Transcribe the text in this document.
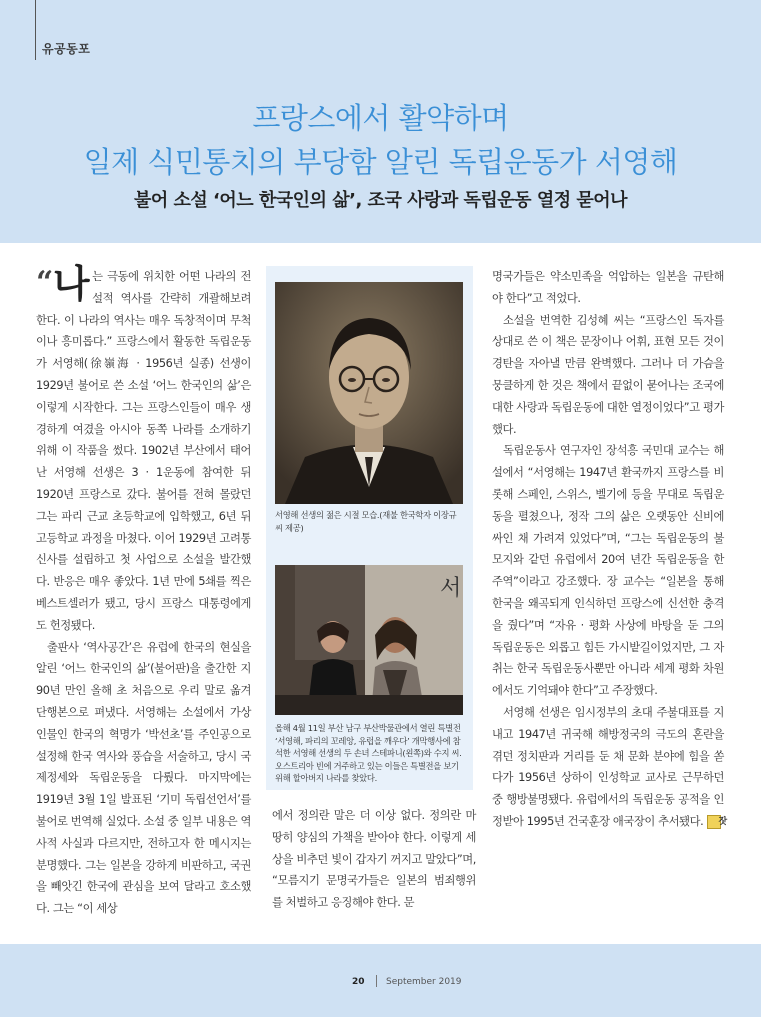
유공동포
프랑스에서 활약하며
일제 식민통치의 부당함 알린 독립운동가 서영해
불어 소설 ‘어느 한국인의 삶’, 조국 사랑과 독립운동 열정 묻어나

“ 나 는 극동에 위치한 어떤 나라의 전설적 역사를 간략히 개괄해보려 한다. 이 나라의 역사는 매우 독창적이며 무척이나 흥미롭다.” 프랑스에서 활동한 독립운동가 서영해(徐嶺海 · 1956년 실종) 선생이 1929년 불어로 쓴 소설 ‘어느 한국인의 삶’은 이렇게 시작한다. 그는 프랑스인들이 매우 생경하게 여겼을 아시아 동쪽 나라를 소개하기 위해 이 작품을 썼다. 1902년 부산에서 태어난 서영해 선생은 3 · 1운동에 참여한 뒤 1920년 프랑스로 갔다. 불어를 전혀 몰랐던 그는 파리 근교 초등학교에 입학했고, 6년 뒤 고등학교 과정을 마쳤다. 이어 1929년 고려통신사를 설립하고 첫 사업으로 소설을 발간했다. 반응은 매우 좋았다. 1년 만에 5쇄를 찍은 베스트셀러가 됐고, 당시 프랑스 대통령에게도 헌정됐다.

출판사 ‘역사공간’은 유럽에 한국의 현실을 알린 ‘어느 한국인의 삶’(불어판)을 출간한 지 90년 만인 올해 초 처음으로 우리 말로 옮겨 단행본으로 펴냈다. 서영해는 소설에서 가상 인물인 한국의 혁명가 ‘박선초’를 주인공으로 설정해 한국 역사와 풍습을 서술하고, 당시 국제정세와 독립운동을 다뤘다. 마지막에는 1919년 3월 1일 발표된 ‘기미 독립선언서’를 불어로 번역해 실었다. 소설 중 일부 내용은 역사적 사실과 다르지만, 전하고자 한 메시지는 분명했다. 그는 일본을 강하게 비판하고, 국권을 빼앗긴 한국에 관심을 보여 달라고 호소했다. 그는 “이 세상

서영해 선생의 젊은 시절 모습.(재불 한국학자 이장규 씨 제공)
서
올해 4월 11일 부산 남구 부산박물관에서 열린 특별전 ‘서영해, 파리의 꼬레앙, 유럽을 깨우다’ 개막행사에 참석한 서영해 선생의 두 손녀 스테파니(왼쪽)와 수지 씨. 오스트리아 빈에 거주하고 있는 이들은 특별전을 보기 위해 할아버지 나라를 찾았다.

에서 정의란 말은 더 이상 없다. 정의란 마땅히 양심의 가책을 받아야 한다. 이렇게 세상을 비추던 빛이 갑자기 꺼지고 말았다”며, “모름지기 문명국가들은 일본의 범죄행위를 처벌하고 응징해야 한다. 문

명국가들은 약소민족을 억압하는 일본을 규탄해야 한다”고 적었다.

소설을 번역한 김성혜 씨는 “프랑스인 독자를 상대로 쓴 이 책은 문장이나 어휘, 표현 모든 것이 경탄을 자아낼 만큼 완벽했다. 그러나 더 가슴을 뭉클하게 한 것은 책에서 끝없이 묻어나는 조국에 대한 사랑과 독립운동에 대한 열정이었다”고 평가했다.

독립운동사 연구자인 장석흥 국민대 교수는 해설에서 “서영해는 1947년 환국까지 프랑스를 비롯해 스페인, 스위스, 벨기에 등을 무대로 독립운동을 펼쳤으나, 정작 그의 삶은 오랫동안 신비에 싸인 채 가려져 있었다”며, “그는 독립운동의 불모지와 같던 유럽에서 20여 년간 독립운동을 한 주역”이라고 강조했다. 장 교수는 “일본을 통해 한국을 왜곡되게 인식하던 프랑스에 신선한 충격을 줬다”며 “자유 · 평화 사상에 바탕을 둔 그의 독립운동은 외롭고 힘든 가시밭길이었지만, 그 자취는 한국 독립운동사뿐만 아니라 세계 평화 차원에서도 기억돼야 한다”고 주장했다.

서영해 선생은 임시정부의 초대 주불대표를 지내고 1947년 귀국해 해방정국의 극도의 혼란을 겪던 정치판과 거리를 둔 채 문화 분야에 힘을 쏟다가 1956년 상하이 인성학교 교사로 근무하던 중 행방불명됐다. 유럽에서의 독립운동 공적을 인정받아 1995년 건국훈장 애국장이 추서됐다. 잣

20 September 2019
